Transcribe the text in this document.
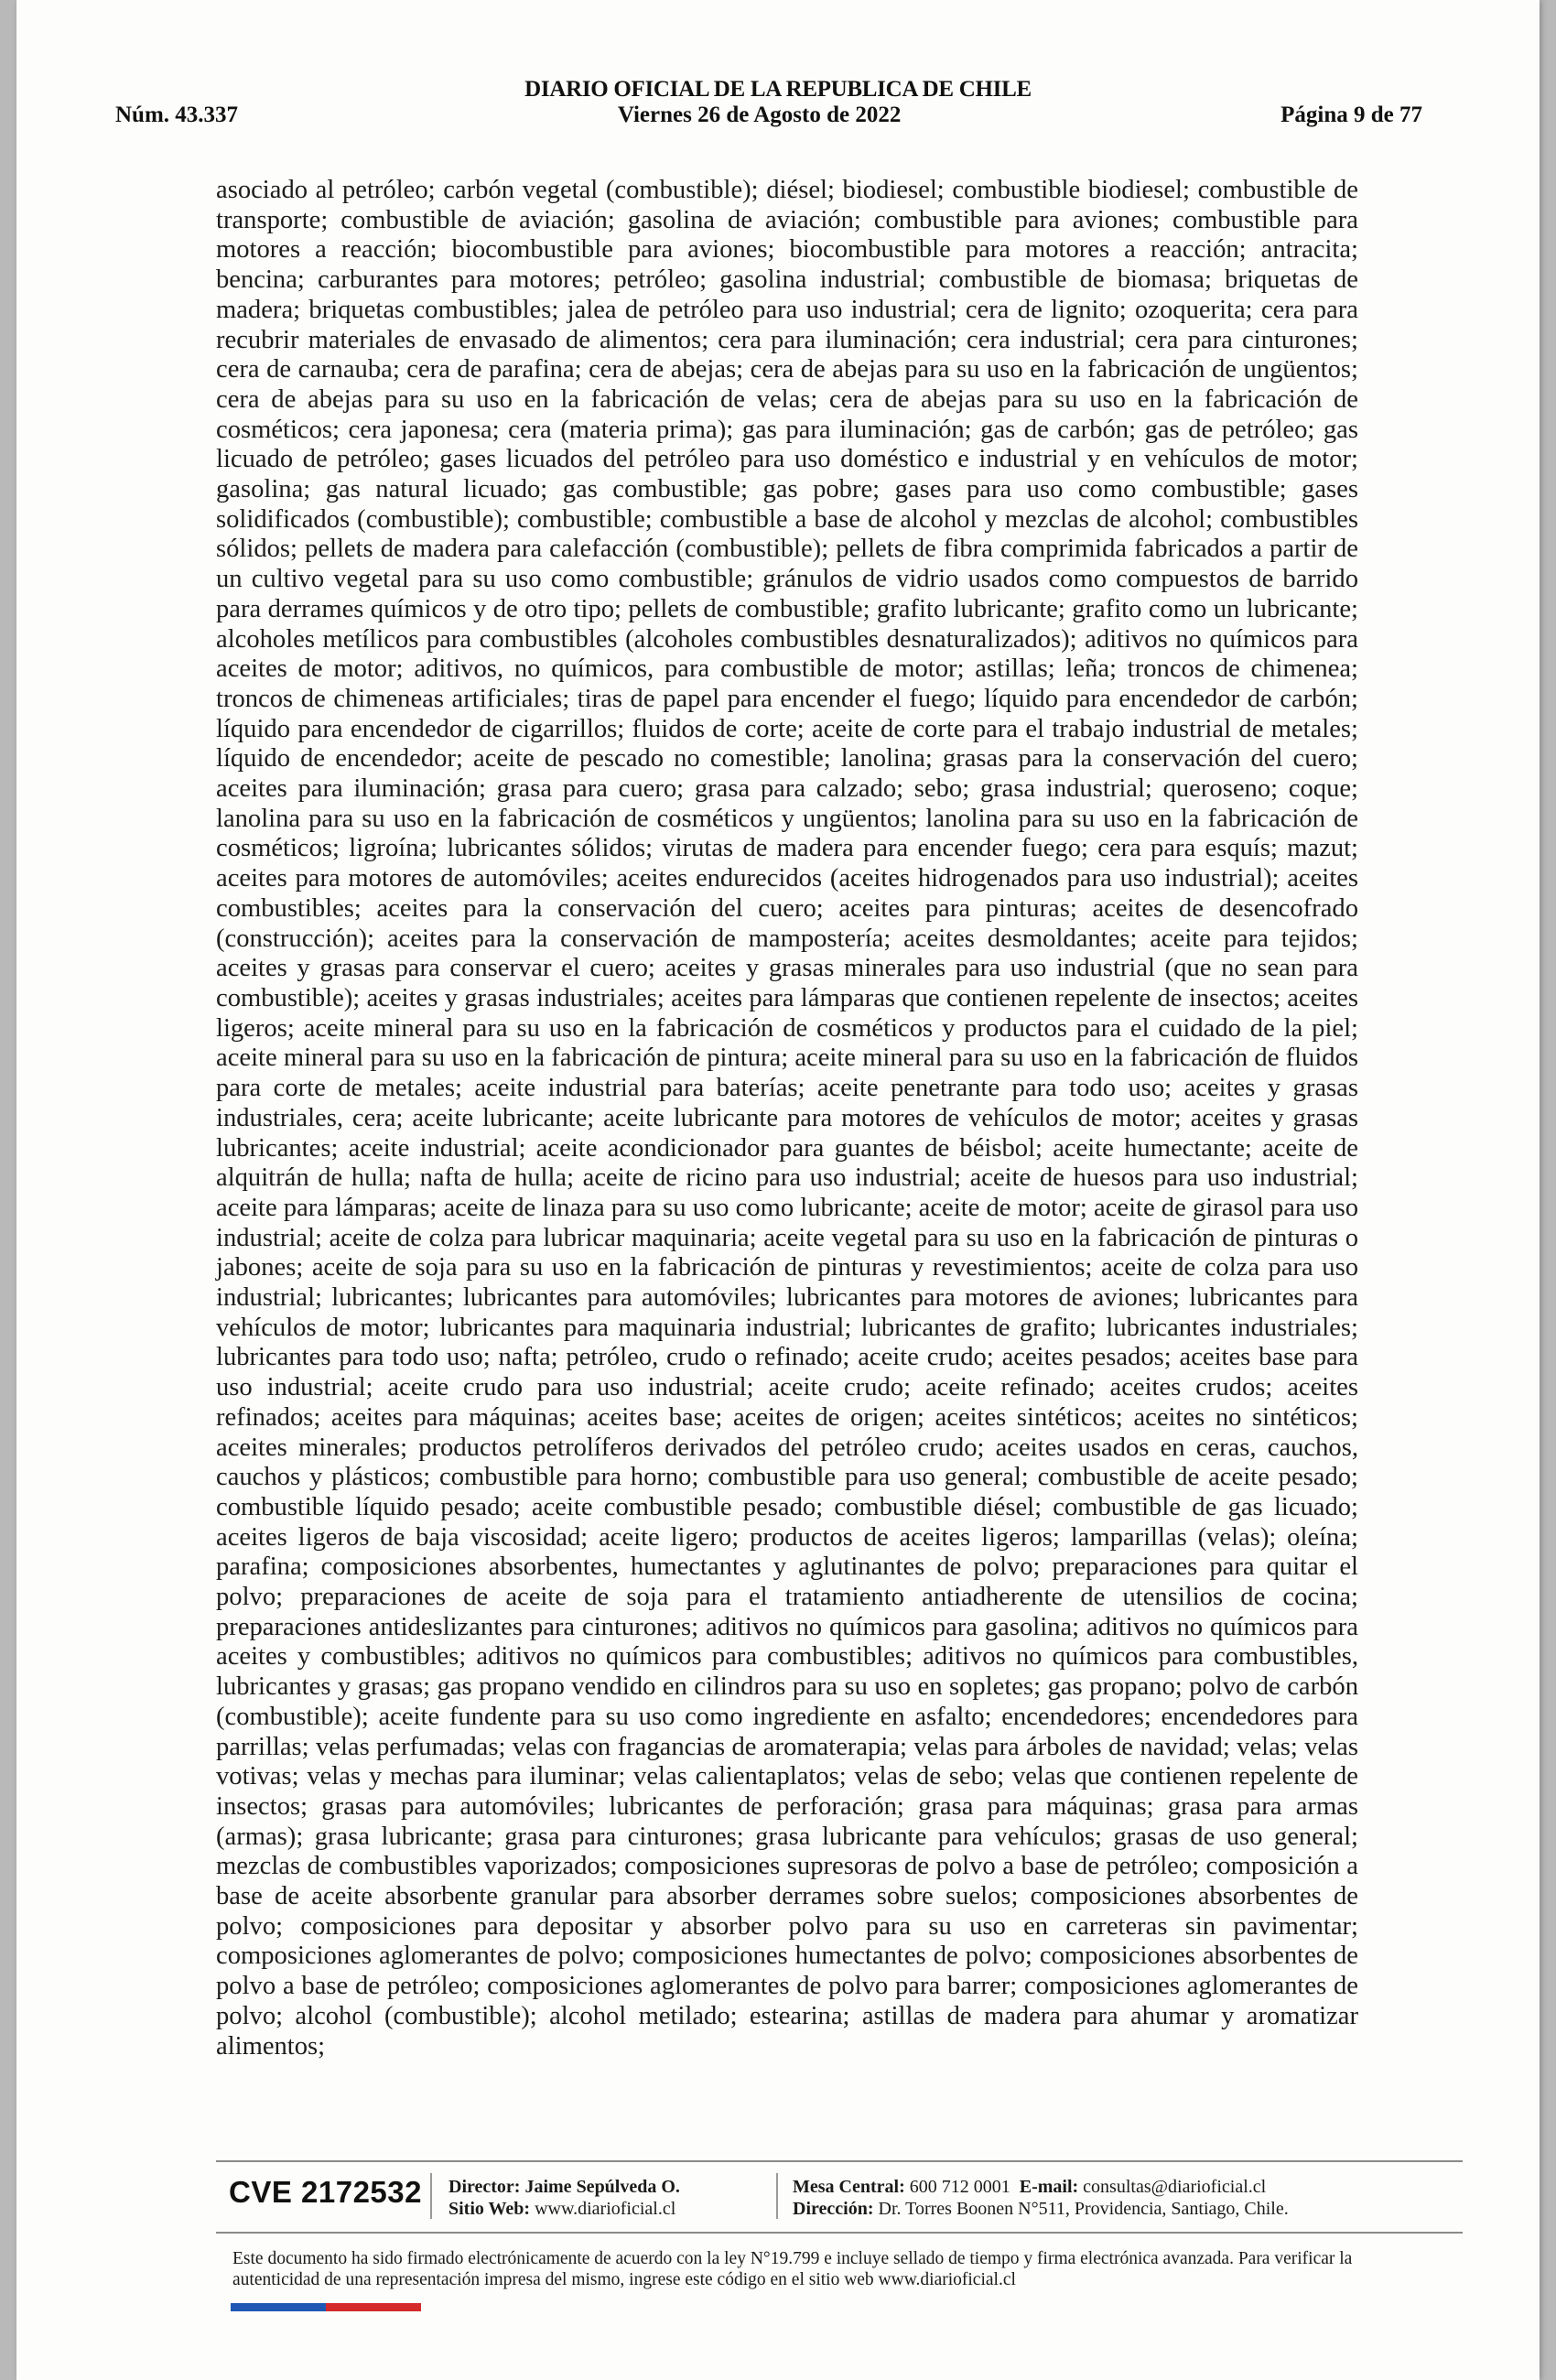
DIARIO OFICIAL DE LA REPUBLICA DE CHILE
Núm. 43.337	Viernes 26 de Agosto de 2022	Página 9 de 77
asociado al petróleo; carbón vegetal (combustible); diésel; biodiesel; combustible biodiesel; combustible de transporte; combustible de aviación; gasolina de aviación; combustible para aviones; combustible para motores a reacción; biocombustible para aviones; biocombustible para motores a reacción; antracita; bencina; carburantes para motores; petróleo; gasolina industrial; combustible de biomasa; briquetas de madera; briquetas combustibles; jalea de petróleo para uso industrial; cera de lignito; ozoquerita; cera para recubrir materiales de envasado de alimentos; cera para iluminación; cera industrial; cera para cinturones; cera de carnauba; cera de parafina; cera de abejas; cera de abejas para su uso en la fabricación de ungüentos; cera de abejas para su uso en la fabricación de velas; cera de abejas para su uso en la fabricación de cosméticos; cera japonesa; cera (materia prima); gas para iluminación; gas de carbón; gas de petróleo; gas licuado de petróleo; gases licuados del petróleo para uso doméstico e industrial y en vehículos de motor; gasolina; gas natural licuado; gas combustible; gas pobre; gases para uso como combustible; gases solidificados (combustible); combustible; combustible a base de alcohol y mezclas de alcohol; combustibles sólidos; pellets de madera para calefacción (combustible); pellets de fibra comprimida fabricados a partir de un cultivo vegetal para su uso como combustible; gránulos de vidrio usados como compuestos de barrido para derrames químicos y de otro tipo; pellets de combustible; grafito lubricante; grafito como un lubricante; alcoholes metílicos para combustibles (alcoholes combustibles desnaturalizados); aditivos no químicos para aceites de motor; aditivos, no químicos, para combustible de motor; astillas; leña; troncos de chimenea; troncos de chimeneas artificiales; tiras de papel para encender el fuego; líquido para encendedor de carbón; líquido para encendedor de cigarrillos; fluidos de corte; aceite de corte para el trabajo industrial de metales; líquido de encendedor; aceite de pescado no comestible; lanolina; grasas para la conservación del cuero; aceites para iluminación; grasa para cuero; grasa para calzado; sebo; grasa industrial; queroseno; coque; lanolina para su uso en la fabricación de cosméticos y ungüentos; lanolina para su uso en la fabricación de cosméticos; ligroína; lubricantes sólidos; virutas de madera para encender fuego; cera para esquís; mazut; aceites para motores de automóviles; aceites endurecidos (aceites hidrogenados para uso industrial); aceites combustibles; aceites para la conservación del cuero; aceites para pinturas; aceites de desencofrado (construcción); aceites para la conservación de mampostería; aceites desmoldantes; aceite para tejidos; aceites y grasas para conservar el cuero; aceites y grasas minerales para uso industrial (que no sean para combustible); aceites y grasas industriales; aceites para lámparas que contienen repelente de insectos; aceites ligeros; aceite mineral para su uso en la fabricación de cosméticos y productos para el cuidado de la piel; aceite mineral para su uso en la fabricación de pintura; aceite mineral para su uso en la fabricación de fluidos para corte de metales; aceite industrial para baterías; aceite penetrante para todo uso; aceites y grasas industriales, cera; aceite lubricante; aceite lubricante para motores de vehículos de motor; aceites y grasas lubricantes; aceite industrial; aceite acondicionador para guantes de béisbol; aceite humectante; aceite de alquitrán de hulla; nafta de hulla; aceite de ricino para uso industrial; aceite de huesos para uso industrial; aceite para lámparas; aceite de linaza para su uso como lubricante; aceite de motor; aceite de girasol para uso industrial; aceite de colza para lubricar maquinaria; aceite vegetal para su uso en la fabricación de pinturas o jabones; aceite de soja para su uso en la fabricación de pinturas y revestimientos; aceite de colza para uso industrial; lubricantes; lubricantes para automóviles; lubricantes para motores de aviones; lubricantes para vehículos de motor; lubricantes para maquinaria industrial; lubricantes de grafito; lubricantes industriales; lubricantes para todo uso; nafta; petróleo, crudo o refinado; aceite crudo; aceites pesados; aceites base para uso industrial; aceite crudo para uso industrial; aceite crudo; aceite refinado; aceites crudos; aceites refinados; aceites para máquinas; aceites base; aceites de origen; aceites sintéticos; aceites no sintéticos; aceites minerales; productos petrolíferos derivados del petróleo crudo; aceites usados en ceras, cauchos, cauchos y plásticos; combustible para horno; combustible para uso general; combustible de aceite pesado; combustible líquido pesado; aceite combustible pesado; combustible diésel; combustible de gas licuado; aceites ligeros de baja viscosidad; aceite ligero; productos de aceites ligeros; lamparillas (velas); oleína; parafina; composiciones absorbentes, humectantes y aglutinantes de polvo; preparaciones para quitar el polvo; preparaciones de aceite de soja para el tratamiento antiadherente de utensilios de cocina; preparaciones antideslizantes para cinturones; aditivos no químicos para gasolina; aditivos no químicos para aceites y combustibles; aditivos no químicos para combustibles; aditivos no químicos para combustibles, lubricantes y grasas; gas propano vendido en cilindros para su uso en sopletes; gas propano; polvo de carbón (combustible); aceite fundente para su uso como ingrediente en asfalto; encendedores; encendedores para parrillas; velas perfumadas; velas con fragancias de aromaterapia; velas para árboles de navidad; velas; velas votivas; velas y mechas para iluminar; velas calientaplatos; velas de sebo; velas que contienen repelente de insectos; grasas para automóviles; lubricantes de perforación; grasa para máquinas; grasa para armas (armas); grasa lubricante; grasa para cinturones; grasa lubricante para vehículos; grasas de uso general; mezclas de combustibles vaporizados; composiciones supresoras de polvo a base de petróleo; composición a base de aceite absorbente granular para absorber derrames sobre suelos; composiciones absorbentes de polvo; composiciones para depositar y absorber polvo para su uso en carreteras sin pavimentar; composiciones aglomerantes de polvo; composiciones humectantes de polvo; composiciones absorbentes de polvo a base de petróleo; composiciones aglomerantes de polvo para barrer; composiciones aglomerantes de polvo; alcohol (combustible); alcohol metilado; estearina; astillas de madera para ahumar y aromatizar alimentos;
CVE 2172532 Director: Jaime Sepúlveda O.
Sitio Web: www.diarioficial.cl
Mesa Central: 600 712 0001 E-mail: consultas@diarioficial.cl
Dirección: Dr. Torres Boonen N°511, Providencia, Santiago, Chile.
Este documento ha sido firmado electrónicamente de acuerdo con la ley N°19.799 e incluye sellado de tiempo y firma electrónica avanzada. Para verificar la autenticidad de una representación impresa del mismo, ingrese este código en el sitio web www.diarioficial.cl
